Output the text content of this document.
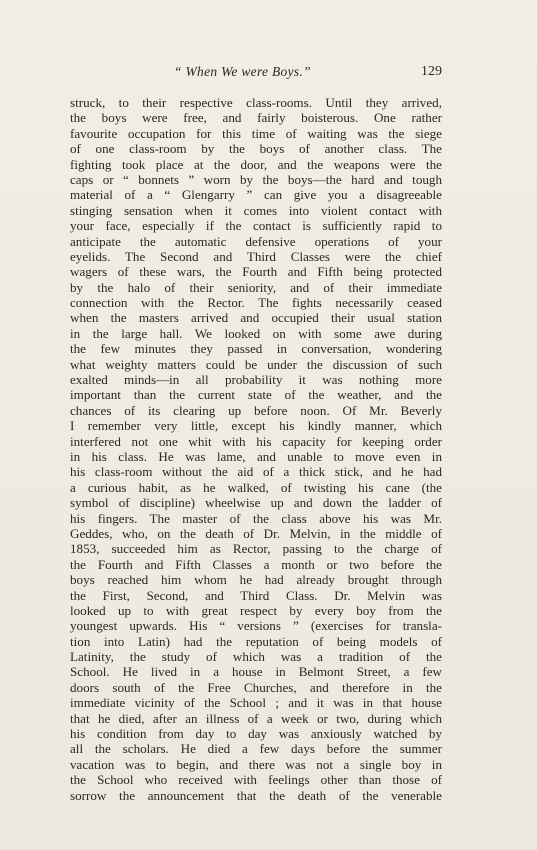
“ When We were Boys.”	129
struck, to their respective class-rooms. Until they arrived,
the boys were free, and fairly boisterous. One rather
favourite occupation for this time of waiting was the siege
of one class-room by the boys of another class. The
fighting took place at the door, and the weapons were the
caps or “ bonnets ” worn by the boys—the hard and tough
material of a “ Glengarry ” can give you a disagreeable
stinging sensation when it comes into violent contact with
your face, especially if the contact is sufficiently rapid to
anticipate the automatic defensive operations of your
eyelids. The Second and Third Classes were the chief
wagers of these wars, the Fourth and Fifth being protected
by the halo of their seniority, and of their immediate
connection with the Rector. The fights necessarily ceased
when the masters arrived and occupied their usual station
in the large hall. We looked on with some awe during
the few minutes they passed in conversation, wondering
what weighty matters could be under the discussion of such
exalted minds—in all probability it was nothing more
important than the current state of the weather, and the
chances of its clearing up before noon. Of Mr. Beverly
I remember very little, except his kindly manner, which
interfered not one whit with his capacity for keeping order
in his class. He was lame, and unable to move even in
his class-room without the aid of a thick stick, and he had
a curious habit, as he walked, of twisting his cane (the
symbol of discipline) wheelwise up and down the ladder of
his fingers. The master of the class above his was Mr.
Geddes, who, on the death of Dr. Melvin, in the middle of
1853, succeeded him as Rector, passing to the charge of
the Fourth and Fifth Classes a month or two before the
boys reached him whom he had already brought through
the First, Second, and Third Class. Dr. Melvin was
looked up to with great respect by every boy from the
youngest upwards. His “ versions ” (exercises for transla-
tion into Latin) had the reputation of being models of
Latinity, the study of which was a tradition of the
School. He lived in a house in Belmont Street, a few
doors south of the Free Churches, and therefore in the
immediate vicinity of the School ; and it was in that house
that he died, after an illness of a week or two, during which
his condition from day to day was anxiously watched by
all the scholars. He died a few days before the summer
vacation was to begin, and there was not a single boy in
the School who received with feelings other than those of
sorrow the announcement that the death of the venerable
